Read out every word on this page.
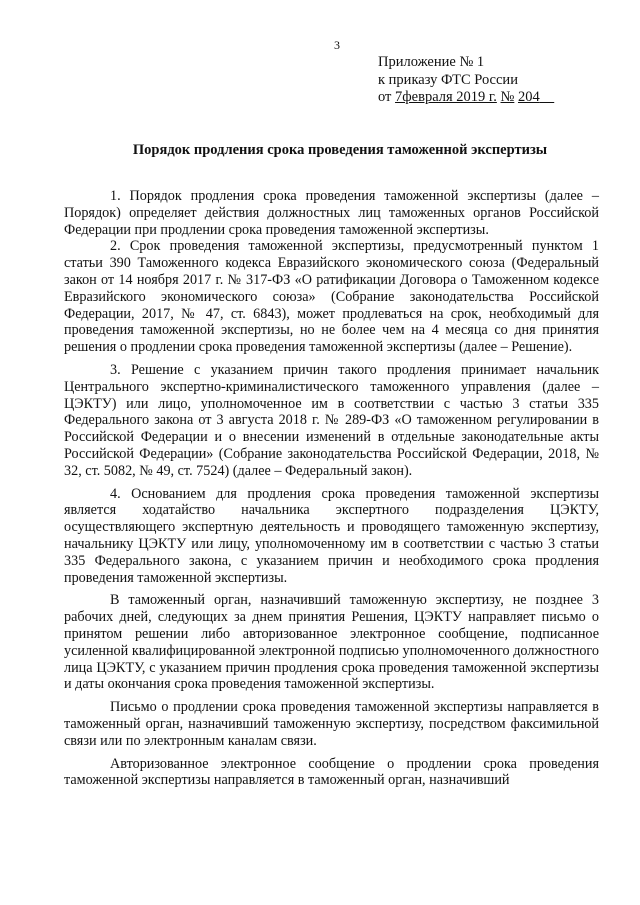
3
Приложение № 1
к приказу ФТС России
от 7февраля 2019 г. № 204
Порядок продления срока проведения таможенной экспертизы

1. Порядок продления срока проведения таможенной экспертизы (далее – Порядок) определяет действия должностных лиц таможенных органов Российской Федерации при продлении срока проведения таможенной экспертизы.

2. Срок проведения таможенной экспертизы, предусмотренный пунктом 1 статьи 390 Таможенного кодекса Евразийского экономического союза (Федеральный закон от 14 ноября 2017 г. № 317-ФЗ «О ратификации Договора о Таможенном кодексе Евразийского экономического союза» (Собрание законодательства Российской Федерации, 2017, № 47, ст. 6843), может продлеваться на срок, необходимый для проведения таможенной экспертизы, но не более чем на 4 месяца со дня принятия решения о продлении срока проведения таможенной экспертизы (далее – Решение).

3. Решение с указанием причин такого продления принимает начальник Центрального экспертно-криминалистического таможенного управления (далее – ЦЭКТУ) или лицо, уполномоченное им в соответствии с частью 3 статьи 335 Федерального закона от 3 августа 2018 г. № 289-ФЗ «О таможенном регулировании в Российской Федерации и о внесении изменений в отдельные законодательные акты Российской Федерации» (Собрание законодательства Российской Федерации, 2018, № 32, ст. 5082, № 49, ст. 7524) (далее – Федеральный закон).

4. Основанием для продления срока проведения таможенной экспертизы является ходатайство начальника экспертного подразделения ЦЭКТУ, осуществляющего экспертную деятельность и проводящего таможенную экспертизу, начальнику ЦЭКТУ или лицу, уполномоченному им в соответствии с частью 3 статьи 335 Федерального закона, с указанием причин и необходимого срока продления проведения таможенной экспертизы.

В таможенный орган, назначивший таможенную экспертизу, не позднее 3 рабочих дней, следующих за днем принятия Решения, ЦЭКТУ направляет письмо о принятом решении либо авторизованное электронное сообщение, подписанное усиленной квалифицированной электронной подписью уполномоченного должностного лица ЦЭКТУ, с указанием причин продления срока проведения таможенной экспертизы и даты окончания срока проведения таможенной экспертизы.

Письмо о продлении срока проведения таможенной экспертизы направляется в таможенный орган, назначивший таможенную экспертизу, посредством факсимильной связи или по электронным каналам связи.

Авторизованное электронное сообщение о продлении срока проведения таможенной экспертизы направляется в таможенный орган, назначивший
